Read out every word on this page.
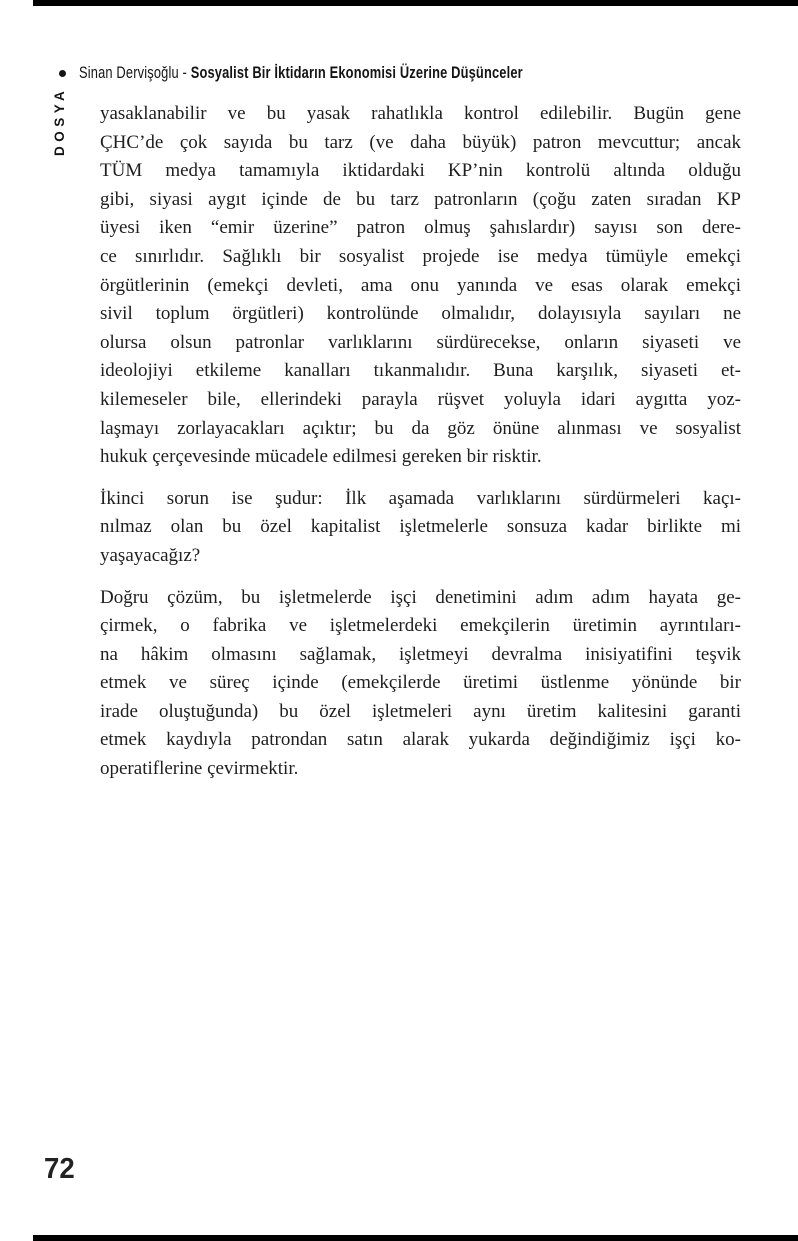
Sinan Dervişoğlu - Sosyalist Bir İktidarın Ekonomisi Üzerine Düşünceler
DOSYA yasaklanabilir ve bu yasak rahatlıkla kontrol edilebilir. Bugün gene
ÇHC’de çok sayıda bu tarz (ve daha büyük) patron mevcuttur; ancak
TÜM medya tamamıyla iktidardaki KP’nin kontrolü altında olduğu
gibi, siyasi aygıt içinde de bu tarz patronların (çoğu zaten sıradan KP
üyesi iken “emir üzerine” patron olmuş şahıslardır) sayısı son dere-
ce sınırlıdır. Sağlıklı bir sosyalist projede ise medya tümüyle emekçi
örgütlerinin (emekçi devleti, ama onu yanında ve esas olarak emekçi
sivil toplum örgütleri) kontrolünde olmalıdır, dolayısıyla sayıları ne
olursa olsun patronlar varlıklarını sürdürecekse, onların siyaseti ve
ideolojiyi etkileme kanalları tıkanmalıdır. Buna karşılık, siyaseti et-
kilemeseler bile, ellerindeki parayla rüşvet yoluyla idari aygıtta yoz-
laşmayı zorlayacakları açıktır; bu da göz önüne alınması ve sosyalist
hukuk çerçevesinde mücadele edilmesi gereken bir risktir.
İkinci sorun ise şudur: İlk aşamada varlıklarını sürdürmeleri kaçı-
nılmaz olan bu özel kapitalist işletmelerle sonsuza kadar birlikte mi
yaşayacağız?
Doğru çözüm, bu işletmelerde işçi denetimini adım adım hayata ge-
çirmek, o fabrika ve işletmelerdeki emekçilerin üretimin ayrıntıları-
na hâkim olmasını sağlamak, işletmeyi devralma inisiyatifini teşvik
etmek ve süreç içinde (emekçilerde üretimi üstlenme yönünde bir
irade oluştuğunda) bu özel işletmeleri aynı üretim kalitesini garanti
etmek kaydıyla patrondan satın alarak yukarda değindiğimiz işçi ko-
operatiflerine çevirmektir.
72
